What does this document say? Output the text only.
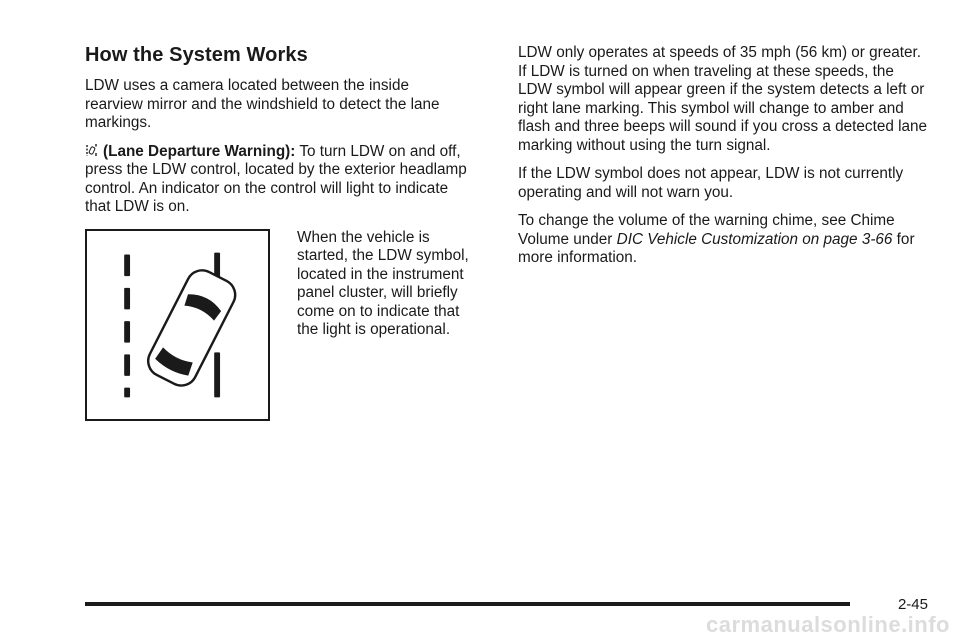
How the System Works

LDW uses a camera located between the inside rearview mirror and the windshield to detect the lane markings.

(Lane Departure Warning): To turn LDW on and off, press the LDW control, located by the exterior headlamp control. An indicator on the control will light to indicate that LDW is on.

When the vehicle is started, the LDW symbol, located in the instrument panel cluster, will briefly come on to indicate that the light is operational.

LDW only operates at speeds of 35 mph (56 km) or greater. If LDW is turned on when traveling at these speeds, the LDW symbol will appear green if the system detects a left or right lane marking. This symbol will change to amber and flash and three beeps will sound if you cross a detected lane marking without using the turn signal.

If the LDW symbol does not appear, LDW is not currently operating and will not warn you.

To change the volume of the warning chime, see Chime Volume under DIC Vehicle Customization on page 3-66 for more information.

2-45
carmanualsonline.info
